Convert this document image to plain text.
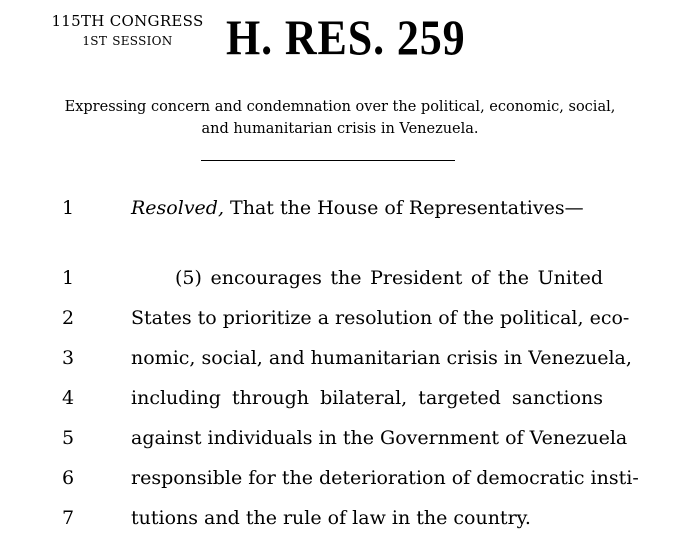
115TH CONGRESS
1ST SESSION	H. RES. 259
Expressing concern and condemnation over the political, economic, social,
and humanitarian crisis in Venezuela.
1	Resolved, That the House of Representatives—
1	(5) encourages the President of the United
2	States to prioritize a resolution of the political, eco-
3	nomic, social, and humanitarian crisis in Venezuela,
4	including through bilateral, targeted sanctions
5	against individuals in the Government of Venezuela
6	responsible for the deterioration of democratic insti-
7	tutions and the rule of law in the country.
